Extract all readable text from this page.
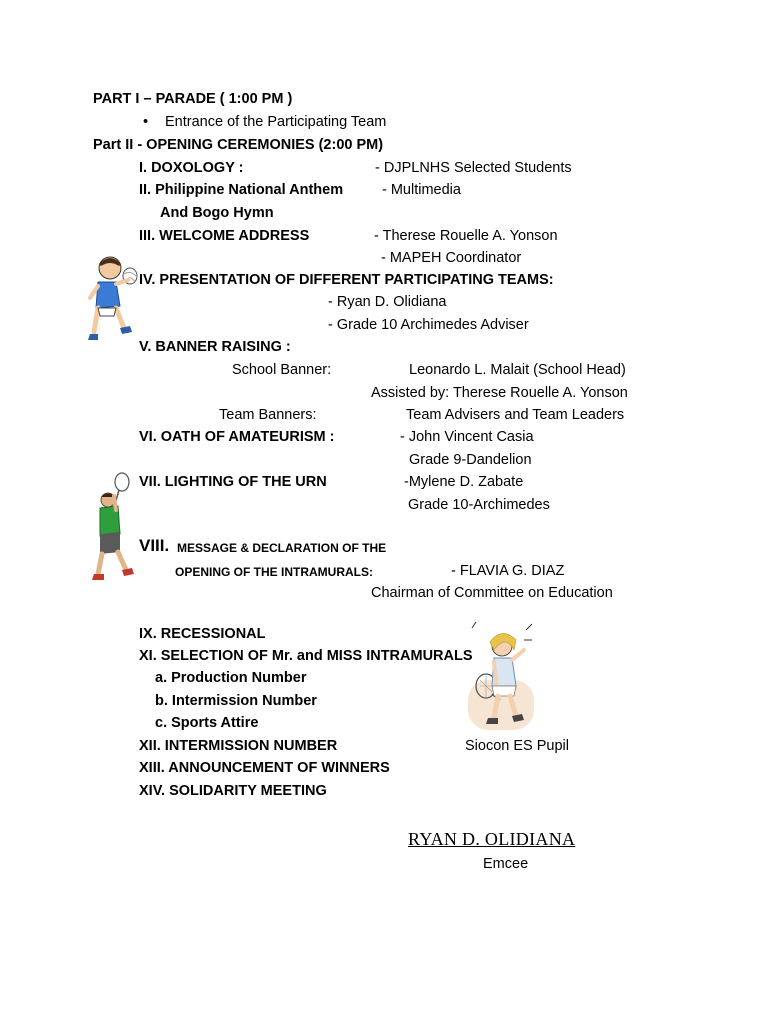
PART I – PARADE ( 1:00 PM )
• Entrance of the Participating Team
Part II - OPENING CEREMONIES (2:00 PM)
I. DOXOLOGY :	- DJPLNHS Selected Students
II. Philippine National Anthem	- Multimedia
And Bogo Hymn
III. WELCOME ADDRESS	- Therese Rouelle A. Yonson
- MAPEH Coordinator
IV. PRESENTATION OF DIFFERENT PARTICIPATING TEAMS:
- Ryan D. Olidiana
- Grade 10 Archimedes Adviser
V. BANNER RAISING :
School Banner:	Leonardo L. Malait (School Head)
Assisted by: Therese Rouelle A. Yonson
Team Banners:	Team Advisers and Team Leaders
VI. OATH OF AMATEURISM :	- John Vincent Casia
Grade 9-Dandelion
VII. LIGHTING OF THE URN	-Mylene D. Zabate
Grade 10-Archimedes
VIII. MESSAGE & DECLARATION OF THE
OPENING OF THE INTRAMURALS:	- FLAVIA G. DIAZ
Chairman of Committee on Education
IX. RECESSIONAL
XI. SELECTION OF Mr. and MISS INTRAMURALS
a. Production Number
b. Intermission Number
c. Sports Attire
XII. INTERMISSION NUMBER	Siocon ES Pupil
XIII. ANNOUNCEMENT OF WINNERS
XIV. SOLIDARITY MEETING
RYAN D. OLIDIANA
Emcee
